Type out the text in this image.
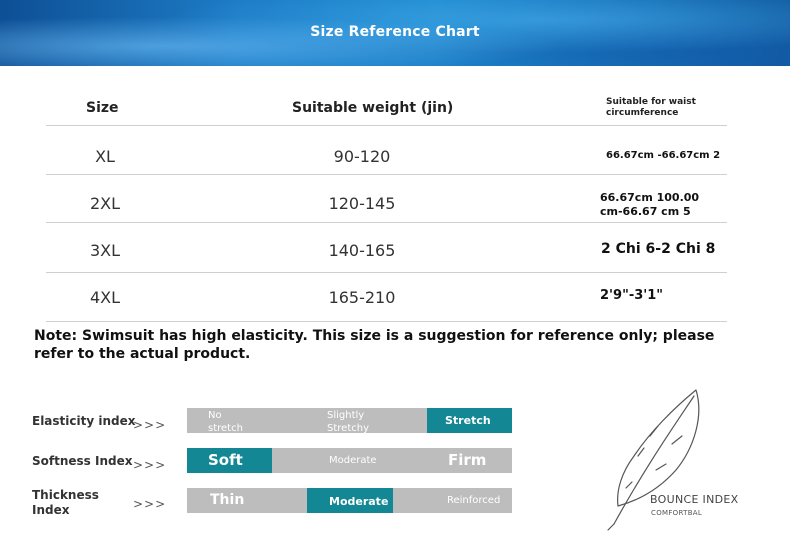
Size Reference Chart
Size	Suitable weight (jin)	Suitable for waist circumference
XL	90-120	66.67cm -66.67cm 2
2XL	120-145	66.67cm 100.00 cm-66.67 cm 5
3XL	140-165	2 Chi 6-2 Chi 8
4XL	165-210	2'9"-3'1"
Note: Swimsuit has high elasticity. This size is a suggestion for reference only; please refer to the actual product.
Elasticity index
>>>
No stretch
Slightly Stretchy
Stretch
Softness Index >>>	Soft	Moderate	Firm
Thickness Index	>>>	Thin	Moderate	Reinforced	BOUNCE INDEX
COMFORTBAL
